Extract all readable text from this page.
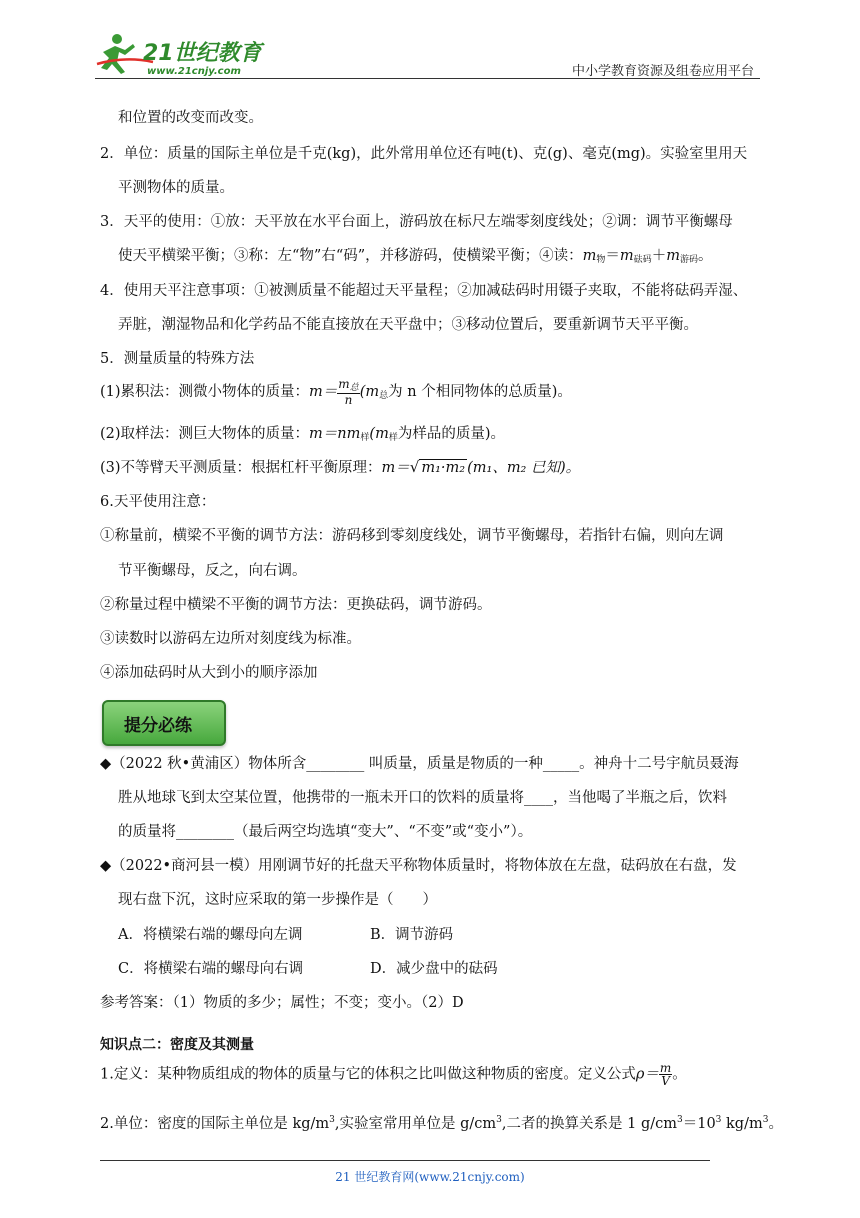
21世纪教育
www.21cnjy.com	中小学教育资源及组卷应用平台
和位置的改变而改变。
2．单位：质量的国际主单位是千克(kg)，此外常用单位还有吨(t)、克(g)、毫克(mg)。实验室里用天
平测物体的质量。
3．天平的使用：①放：天平放在水平台面上，游码放在标尺左端零刻度线处；②调：调节平衡螺母
使天平横梁平衡；③称：左“物”右“码”，并移游码，使横梁平衡；④读：$m_物=m_{砝码}+m_{游码}$。
4．使用天平注意事项：①被测质量不能超过天平量程；②加减砝码时用镊子夹取，不能将砝码弄湿、
弄脏，潮湿物品和化学药品不能直接放在天平盘中；③移动位置后，要重新调节天平平衡。
5．测量质量的特殊方法
(1)累积法：测微小物体的质量：$m= \frac{m_总}{n} (m_总$为 n 个相同物体的总质量)。
(2)取样法：测巨大物体的质量：$m=nm_样(m_样$为样品的质量)。
(3)不等臂天平测质量：根据杠杆平衡原理：m＝√ m₁·m₂ (m₁、m₂ 已知)。
6.天平使用注意：
①称量前，横梁不平衡的调节方法：游码移到零刻度线处，调节平衡螺母，若指针右偏，则向左调
节平衡螺母，反之，向右调。
②称量过程中横梁不平衡的调节方法：更换砝码，调节游码。
③读数时以游码左边所对刻度线为标准。
④添加砝码时从大到小的顺序添加
提分必练
◆（2022 秋•黄浦区）物体所含________ 叫质量，质量是物质的一种_____。神舟十二号宇航员聂海
胜从地球飞到太空某位置，他携带的一瓶未开口的饮料的质量将____，当他喝了半瓶之后，饮料
的质量将________（最后两空均选填“变大”、“不变”或“变小”）。
◆（2022•商河县一模）用刚调节好的托盘天平称物体质量时，将物体放在左盘，砝码放在右盘，发
现右盘下沉，这时应采取的第一步操作是（　　）
A．将横梁右端的螺母向左调	B．调节游码
C．将横梁右端的螺母向右调	D．减少盘中的砝码
参考答案：（1）物质的多少；属性；不变；变小。（2）D
知识点二：密度及其测量
1.定义：某种物质组成的物体的质量与它的体积之比叫做这种物质的密度。定义公式$\rho= \frac{m}{V}$ 。
2.单位：密度的国际主单位是 $kg/m^3$,实验室常用单位是 $g/cm^3$,二者的换算关系是 1 $g/cm^3=10^3$ $kg/m^3$。
21 世纪教育网(www.21cnjy.com)
